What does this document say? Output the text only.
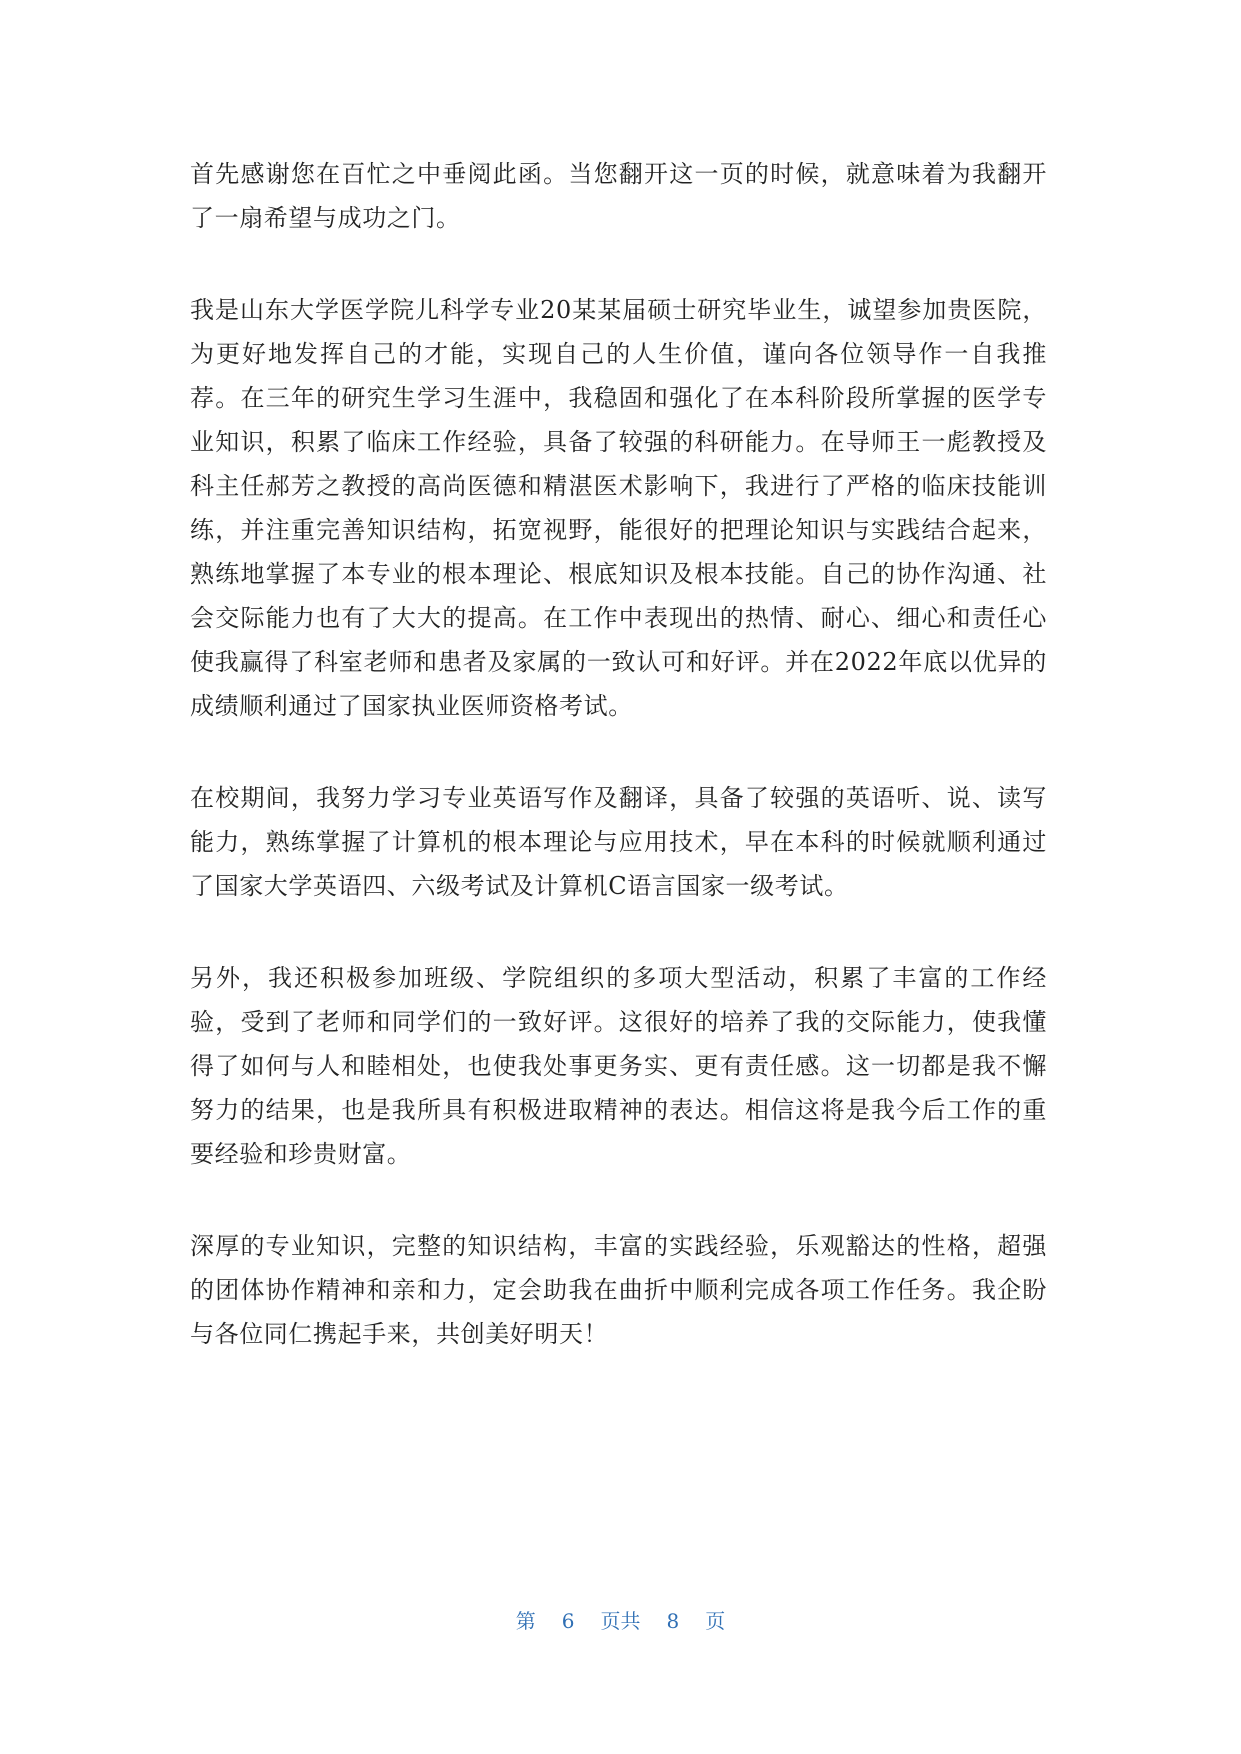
首先感谢您在百忙之中垂阅此函。当您翻开这一页的时候，就意味着为我翻开了一扇希望与成功之门。

我是山东大学医学院儿科学专业20某某届硕士研究毕业生，诚望参加贵医院，为更好地发挥自己的才能，实现自己的人生价值，谨向各位领导作一自我推荐。在三年的研究生学习生涯中，我稳固和强化了在本科阶段所掌握的医学专业知识，积累了临床工作经验，具备了较强的科研能力。在导师王一彪教授及科主任郝芳之教授的高尚医德和精湛医术影响下，我进行了严格的临床技能训练，并注重完善知识结构，拓宽视野，能很好的把理论知识与实践结合起来，熟练地掌握了本专业的根本理论、根底知识及根本技能。自己的协作沟通、社会交际能力也有了大大的提高。在工作中表现出的热情、耐心、细心和责任心使我赢得了科室老师和患者及家属的一致认可和好评。并在2022年底以优异的成绩顺利通过了国家执业医师资格考试。

在校期间，我努力学习专业英语写作及翻译，具备了较强的英语听、说、读写能力，熟练掌握了计算机的根本理论与应用技术，早在本科的时候就顺利通过了国家大学英语四、六级考试及计算机C语言国家一级考试。

另外，我还积极参加班级、学院组织的多项大型活动，积累了丰富的工作经验，受到了老师和同学们的一致好评。这很好的培养了我的交际能力，使我懂得了如何与人和睦相处，也使我处事更务实、更有责任感。这一切都是我不懈努力的结果，也是我所具有积极进取精神的表达。相信这将是我今后工作的重要经验和珍贵财富。

深厚的专业知识，完整的知识结构，丰富的实践经验，乐观豁达的性格，超强的团体协作精神和亲和力，定会助我在曲折中顺利完成各项工作任务。我企盼与各位同仁携起手来，共创美好明天！

第 6 页共 8 页
